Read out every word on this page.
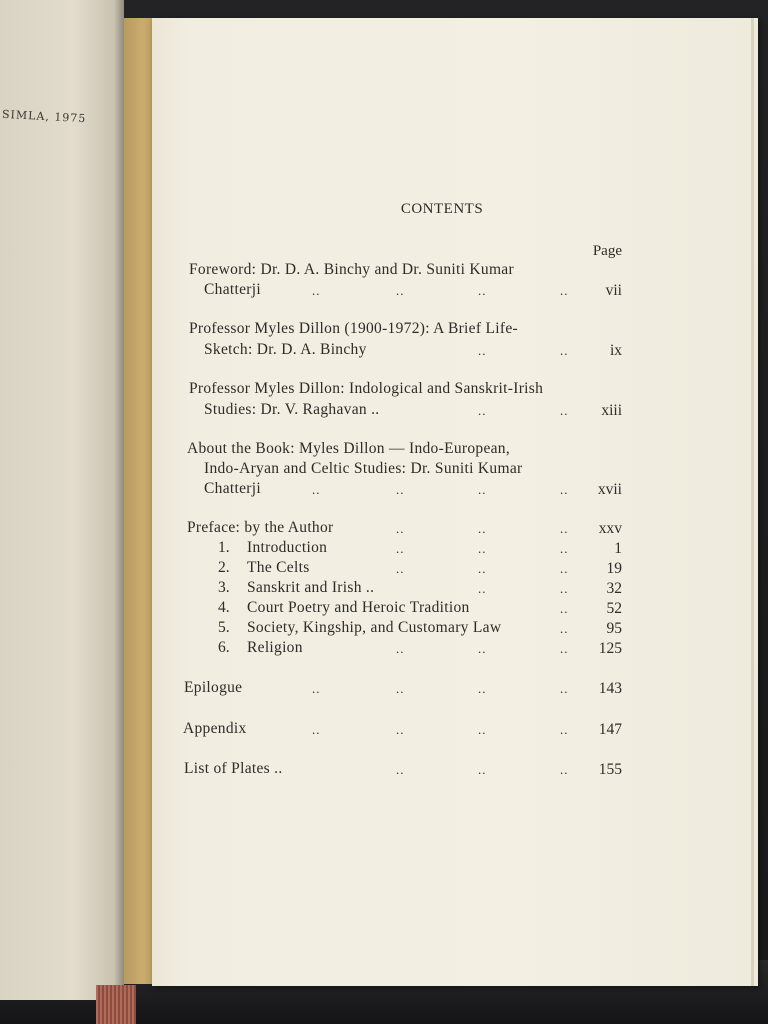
SIMLA, 1975
CONTENTS
Page
Foreword: Dr. D. A. Binchy and Dr. Suniti Kumar
Chatterji	..	..	..	..	vii
Professor Myles Dillon (1900-1972): A Brief Life-
Sketch: Dr. D. A. Binchy	..	..	ix
Professor Myles Dillon: Indological and Sanskrit-Irish
Studies: Dr. V. Raghavan ..	..	..	xiii
About the Book: Myles Dillon — Indo-European,
Indo-Aryan and Celtic Studies: Dr. Suniti Kumar
Chatterji	..	..	..	..	xvii
Preface: by the Author	..	..	..	xxv
1. Introduction	..	..	..	1
2. The Celts	..	..	..	19
3. Sanskrit and Irish ..	..	..	32
4. Court Poetry and Heroic Tradition	..	52
5. Society, Kingship, and Customary Law	..	95
6. Religion	..	..	..	125
Epilogue	..	..	..	..	143
Appendix	..	..	..	..	147
List of Plates ..	..	..	..	155
